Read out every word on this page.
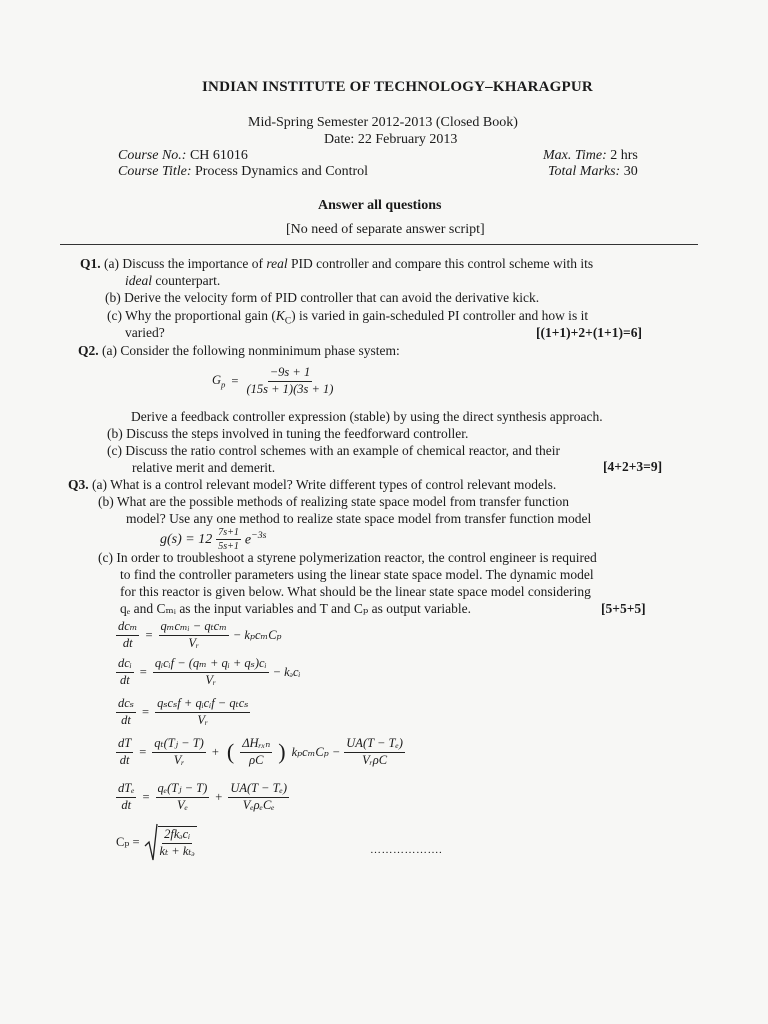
INDIAN INSTITUTE OF TECHNOLOGY–KHARAGPUR
Mid-Spring Semester 2012-2013 (Closed Book)
Date: 22 February 2013
Course No.: CH 61016
Course Title: Process Dynamics and Control
Max. Time: 2 hrs
Total Marks: 30
Answer all questions
[No need of separate answer script]
Q1. (a) Discuss the importance of real PID controller and compare this control scheme with its
ideal counterpart.
(b) Derive the velocity form of PID controller that can avoid the derivative kick.
(c) Why the proportional gain $(K_C)$ is varied in gain-scheduled PI controller and how is it
varied?	[(1+1)+2+(1+1)=6]
Q2. (a) Consider the following nonminimum phase system:
$G_p = \frac{-9s + 1}{(15s + 1)(3s + 1)}$
Derive a feedback controller expression (stable) by using the direct synthesis approach.
(b) Discuss the steps involved in tuning the feedforward controller.
(c) Discuss the ratio control schemes with an example of chemical reactor, and their
relative merit and demerit.	[4+2+3=9]
Q3. (a) What is a control relevant model? Write different types of control relevant models.
(b) What are the possible methods of realizing state space model from transfer function
model? Use any one method to realize state space model from transfer function model
$g(s) = 12 \frac{7s+1}{5s+1} e^{-3s}$
(c) In order to troubleshoot a styrene polymerization reactor, the control engineer is required
to find the controller parameters using the linear state space model. The dynamic model
for this reactor is given below. What should be the linear state space model considering
qₑ and Cₘᵢ as the input variables and T and Cₚ as output variable.	[5+5+5]
$\frac{\text{dcₘ}}{dt} = \frac{\text{qₘcₘᵢ − qₜcₘ}}{\text{Vᵣ}} - k_pc_mC_p$
$\frac{\text{dcᵢ}}{dt} = \frac{\text{qᵢcᵢf − (qₘ + qᵢ + qₛ)cᵢ}}{\text{Vᵣ}}$ − kₔcᵢ
$\frac{\text{dcₛ}}{dt} = \frac{\text{qₛcₛf + qᵢcᵢf − qₜcₛ}}{\text{Vᵣ}}$
$\frac{dT}{dt} = \frac{\text{qₜ(Tⱼ − T)}}{\text{Vᵣ}}$ + ( $\frac{\text{ΔHᵣₓₙ}}{\rho C}$ ) $k_pc_mC_p - \frac{\text{UA(T − Tₑ)}}{\text{VᵣρC}}$
$\frac{\text{dTₑ}}{dt} = \frac{\text{qₑ(Tⱼ − T)}}{\text{Vₑ}} + \frac{\text{UA(T − Tₑ)}}{\text{VₑρₑCₑ}}$
$C_p = \frac{\text{2fkₔcᵢ}}{\text{kₜ + kₜₔ}}$	……………….
